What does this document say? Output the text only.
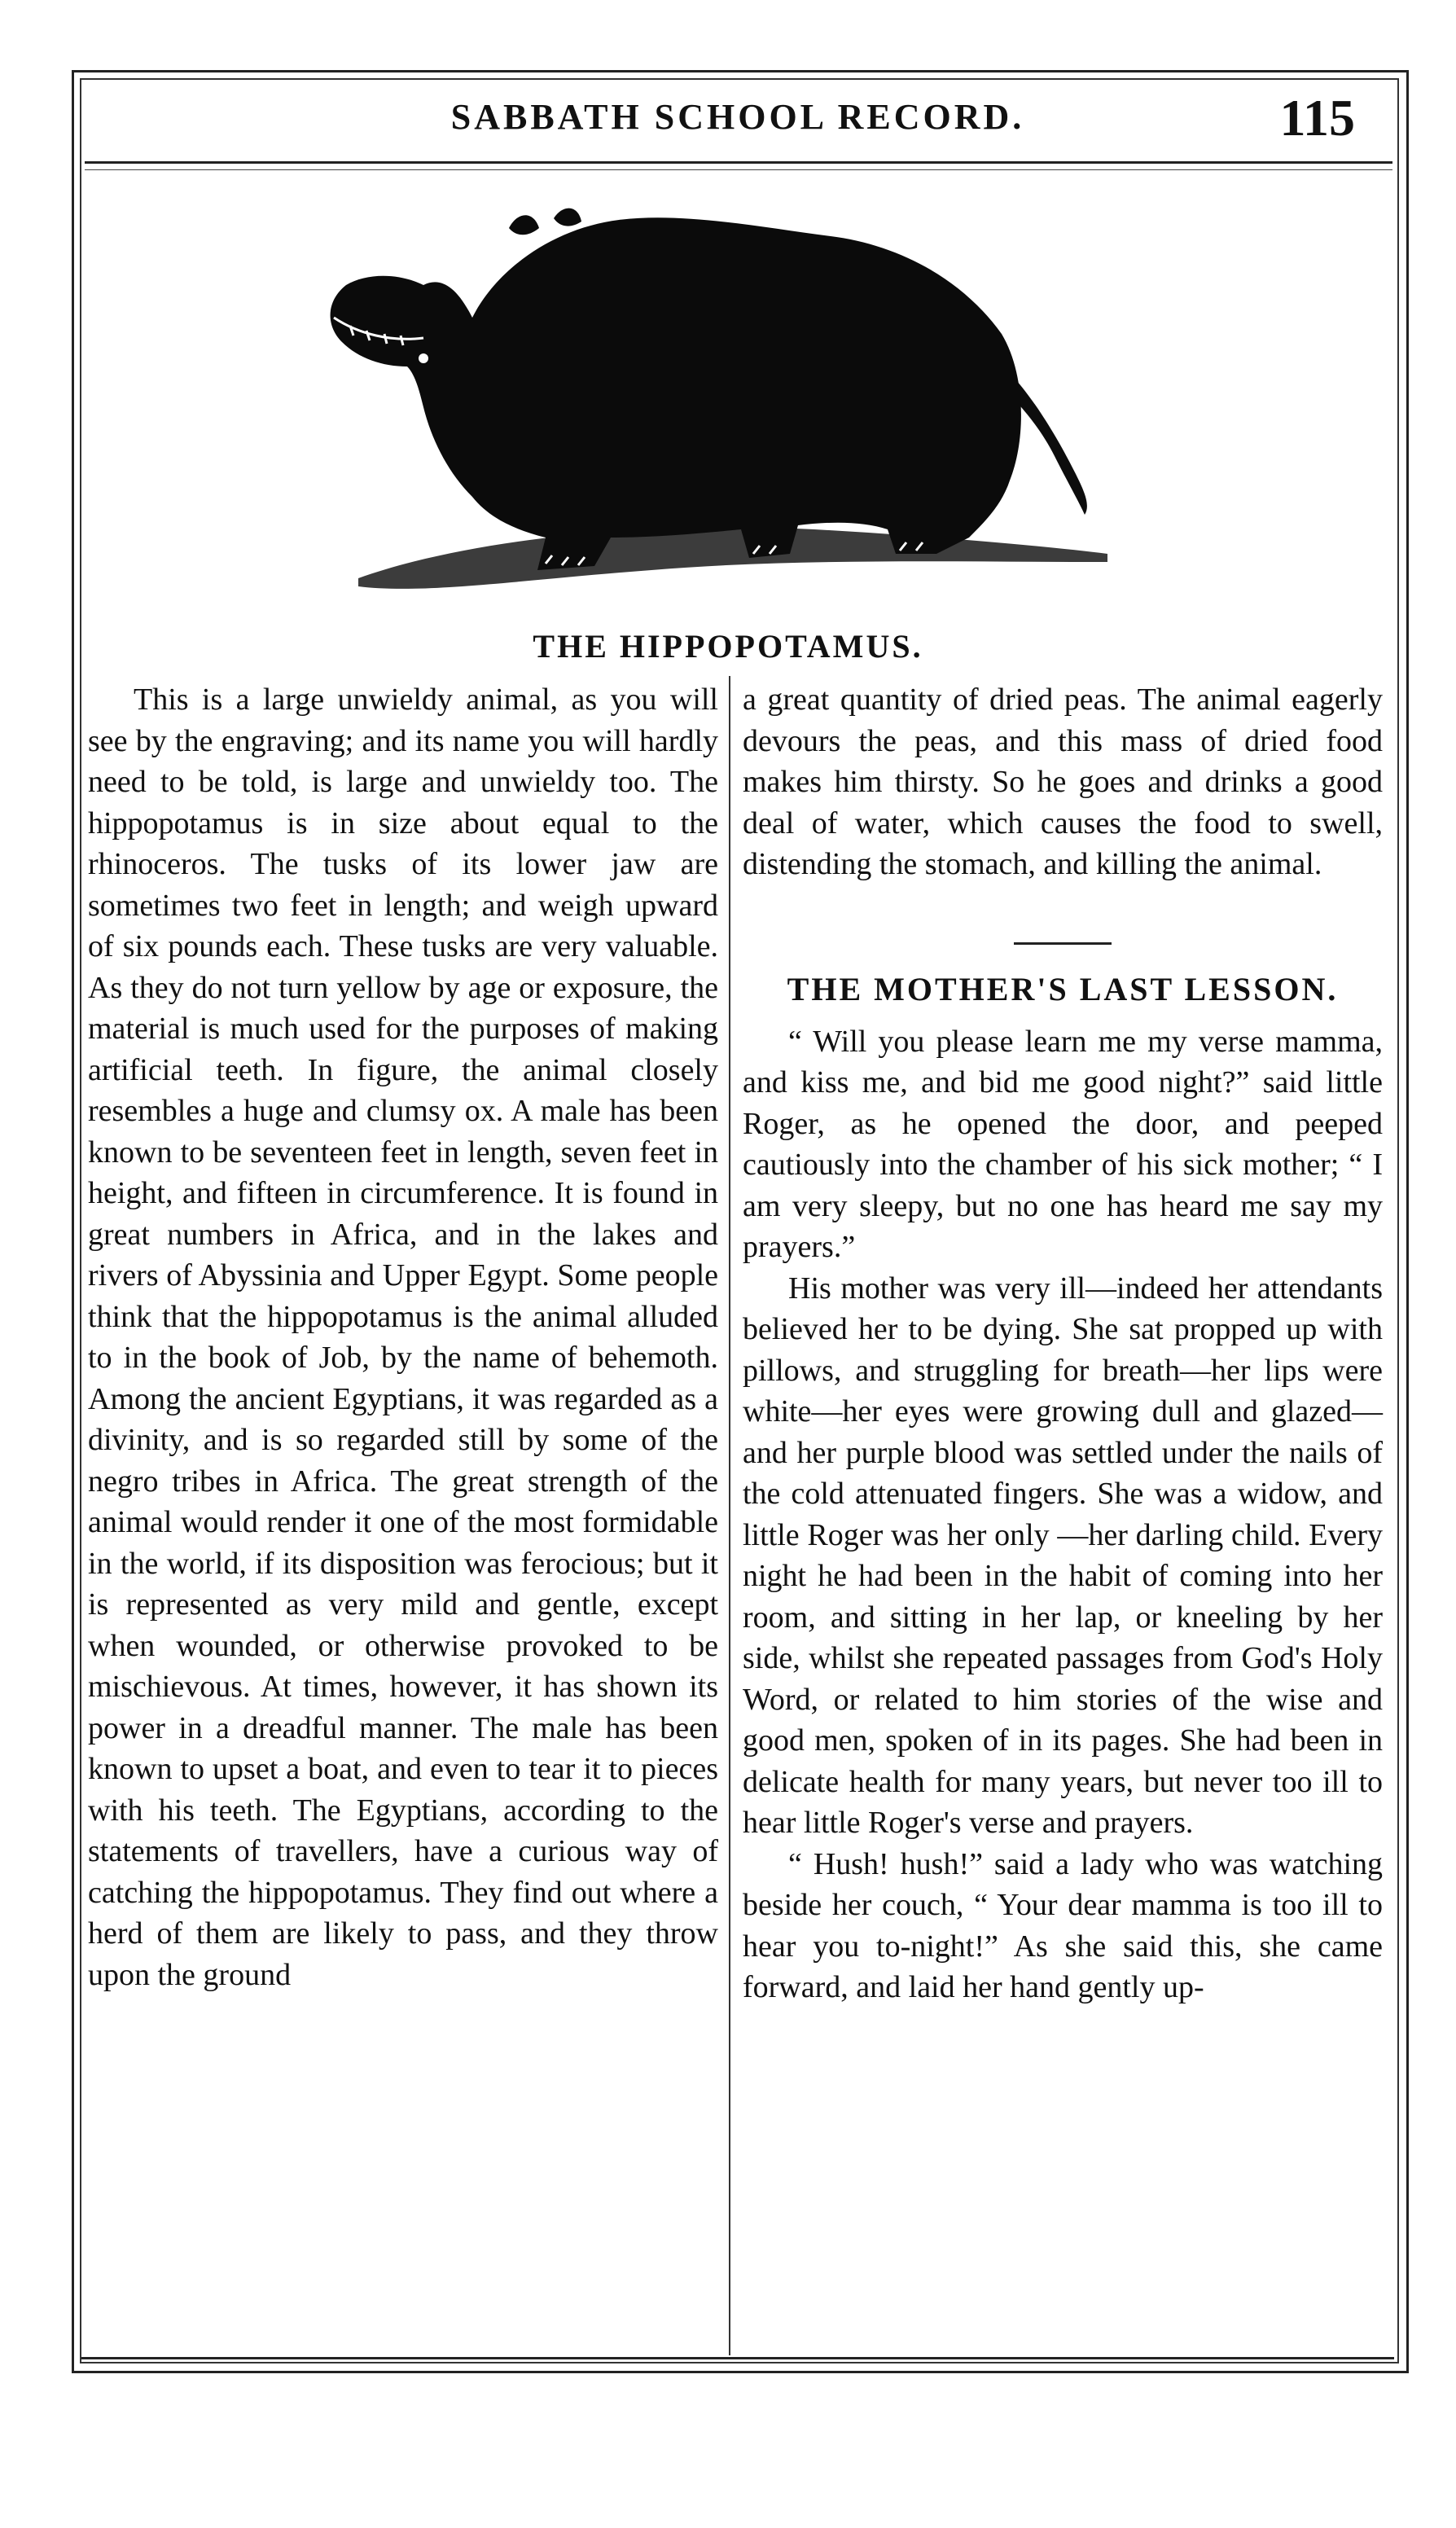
SABBATH SCHOOL RECORD.	115
THE HIPPOPOTAMUS.

This is a large unwieldy animal, as you will see by the engraving; and its name you will hardly need to be told, is large and unwieldy too. The hippopotamus is in size about equal to the rhinoceros. The tusks of its lower jaw are sometimes two feet in length; and weigh upward of six pounds each. These tusks are very valuable. As they do not turn yellow by age or exposure, the material is much used for the purposes of making artificial teeth. In figure, the animal closely resembles a huge and clumsy ox. A male has been known to be seventeen feet in length, seven feet in height, and fifteen in circumference. It is found in great numbers in Africa, and in the lakes and rivers of Abyssinia and Upper Egypt. Some people think that the hippopotamus is the animal alluded to in the book of Job, by the name of behemoth. Among the ancient Egyptians, it was regarded as a divinity, and is so regarded still by some of the negro tribes in Africa. The great strength of the animal would render it one of the most formidable in the world, if its disposition was ferocious; but it is represented as very mild and gentle, except when wounded, or otherwise provoked to be mischievous. At times, however, it has shown its power in a dreadful manner. The male has been known to upset a boat, and even to tear it to pieces with his teeth. The Egyptians, according to the statements of travellers, have a curious way of catching the hippopotamus. They find out where a herd of them are likely to pass, and they throw upon the ground

a great quantity of dried peas. The animal eagerly devours the peas, and this mass of dried food makes him thirsty. So he goes and drinks a good deal of water, which causes the food to swell, distending the stomach, and killing the animal.

THE MOTHER'S LAST LESSON.

“ Will you please learn me my verse mamma, and kiss me, and bid me good night?” said little Roger, as he opened the door, and peeped cautiously into the chamber of his sick mother; “ I am very sleepy, but no one has heard me say my prayers.”

His mother was very ill—indeed her attendants believed her to be dying. She sat propped up with pillows, and struggling for breath—her lips were white—her eyes were growing dull and glazed—and her purple blood was settled under the nails of the cold attenuated fingers. She was a widow, and little Roger was her only —her darling child. Every night he had been in the habit of coming into her room, and sitting in her lap, or kneeling by her side, whilst she repeated passages from God's Holy Word, or related to him stories of the wise and good men, spoken of in its pages. She had been in delicate health for many years, but never too ill to hear little Roger's verse and prayers.

“ Hush! hush!” said a lady who was watching beside her couch, “ Your dear mamma is too ill to hear you to-night!” As she said this, she came forward, and laid her hand gently up-
